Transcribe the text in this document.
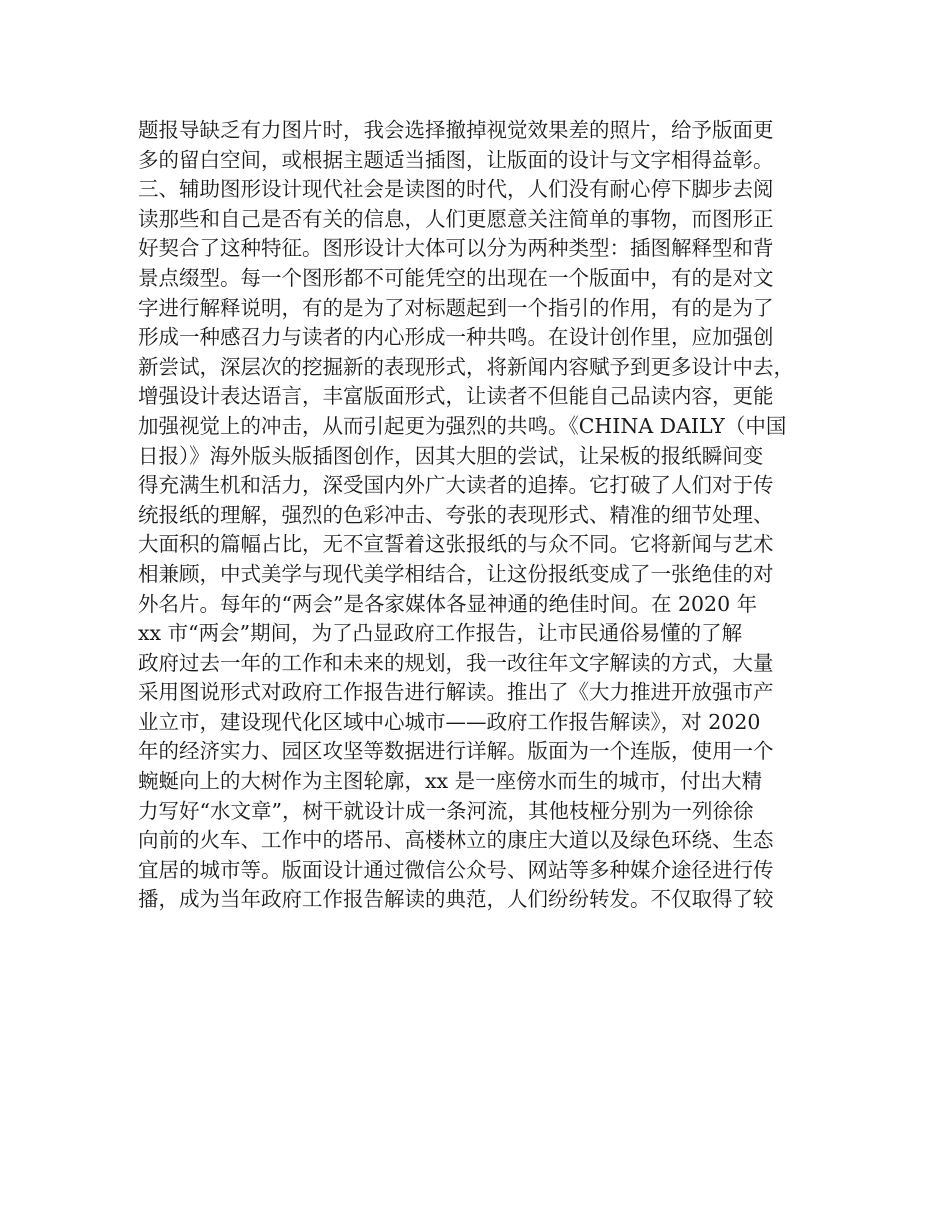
题报导缺乏有力图片时，我会选择撤掉视觉效果差的照片，给予版面更
多的留白空间，或根据主题适当插图，让版面的设计与文字相得益彰。
三、辅助图形设计现代社会是读图的时代，人们没有耐心停下脚步去阅
读那些和自己是否有关的信息，人们更愿意关注简单的事物，而图形正
好契合了这种特征。图形设计大体可以分为两种类型：插图解释型和背
景点缀型。每一个图形都不可能凭空的出现在一个版面中，有的是对文
字进行解释说明，有的是为了对标题起到一个指引的作用，有的是为了
形成一种感召力与读者的内心形成一种共鸣。在设计创作里，应加强创
新尝试，深层次的挖掘新的表现形式，将新闻内容赋予到更多设计中去，
增强设计表达语言，丰富版面形式，让读者不但能自己品读内容，更能
加强视觉上的冲击，从而引起更为强烈的共鸣。《CHINA DAILY（中国
日报）》海外版头版插图创作，因其大胆的尝试，让呆板的报纸瞬间变
得充满生机和活力，深受国内外广大读者的追捧。它打破了人们对于传
统报纸的理解，强烈的色彩冲击、夸张的表现形式、精准的细节处理、
大面积的篇幅占比，无不宣誓着这张报纸的与众不同。它将新闻与艺术
相兼顾，中式美学与现代美学相结合，让这份报纸变成了一张绝佳的对
外名片。每年的“两会”是各家媒体各显神通的绝佳时间。在 2020 年
xx 市“两会”期间，为了凸显政府工作报告，让市民通俗易懂的了解
政府过去一年的工作和未来的规划，我一改往年文字解读的方式，大量
采用图说形式对政府工作报告进行解读。推出了《大力推进开放强市产
业立市，建设现代化区域中心城市——政府工作报告解读》，对 2020
年的经济实力、园区攻坚等数据进行详解。版面为一个连版，使用一个
蜿蜒向上的大树作为主图轮廓，xx 是一座傍水而生的城市，付出大精
力写好“水文章”，树干就设计成一条河流，其他枝桠分别为一列徐徐
向前的火车、工作中的塔吊、高楼林立的康庄大道以及绿色环绕、生态
宜居的城市等。版面设计通过微信公众号、网站等多种媒介途径进行传
播，成为当年政府工作报告解读的典范，人们纷纷转发。不仅取得了较
